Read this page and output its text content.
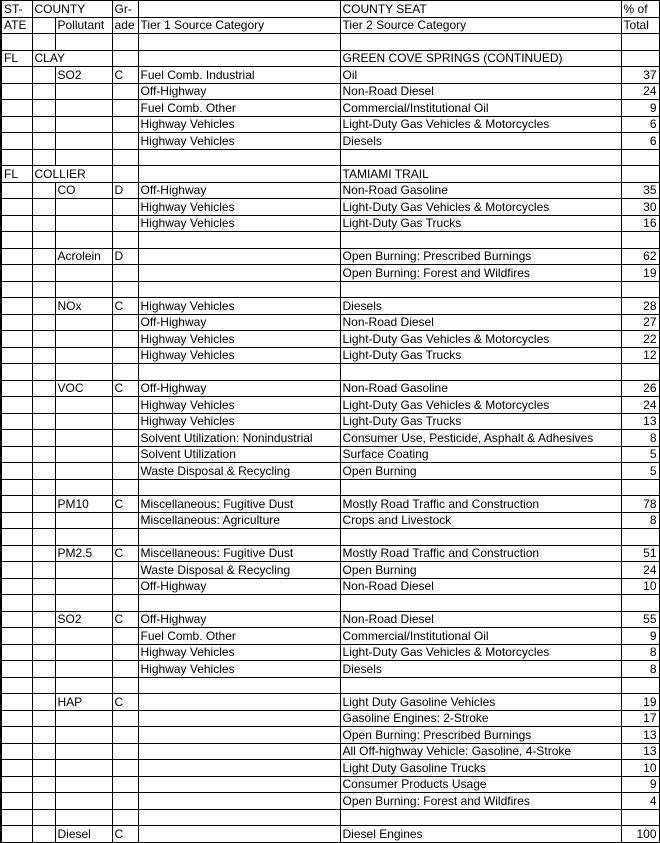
ST-	COUNTY		Gr-		COUNTY SEAT	% of
ATE		Pollutant	ade	Tier 1 Source Category	Tier 2 Source Category	Total

FL	CLAY				GREEN COVE SPRINGS (CONTINUED)	
		SO2	C	Fuel Comb. Industrial	Oil	37
				Off-Highway	Non-Road Diesel	24
				Fuel Comb. Other	Commercial/Institutional Oil	9
				Highway Vehicles	Light-Duty Gas Vehicles & Motorcycles	6
				Highway Vehicles	Diesels	6

FL	COLLIER				TAMIAMI TRAIL	
		CO	D	Off-Highway	Non-Road Gasoline	35
				Highway Vehicles	Light-Duty Gas Vehicles & Motorcycles	30
				Highway Vehicles	Light-Duty Gas Trucks	16

		Acrolein	D		Open Burning: Prescribed Burnings	62
					Open Burning: Forest and Wildfires	19

		NOx	C	Highway Vehicles	Diesels	28
				Off-Highway	Non-Road Diesel	27
				Highway Vehicles	Light-Duty Gas Vehicles & Motorcycles	22
				Highway Vehicles	Light-Duty Gas Trucks	12

		VOC	C	Off-Highway	Non-Road Gasoline	26
				Highway Vehicles	Light-Duty Gas Vehicles & Motorcycles	24
				Highway Vehicles	Light-Duty Gas Trucks	13
				Solvent Utilization: Nonindustrial	Consumer Use, Pesticide, Asphalt & Adhesives	8
				Solvent Utilization	Surface Coating	5
				Waste Disposal & Recycling	Open Burning	5

		PM10	C	Miscellaneous: Fugitive Dust	Mostly Road Traffic and Construction	78
				Miscellaneous: Agriculture	Crops and Livestock	8

		PM2.5	C	Miscellaneous: Fugitive Dust	Mostly Road Traffic and Construction	51
				Waste Disposal & Recycling	Open Burning	24
				Off-Highway	Non-Road Diesel	10

		SO2	C	Off-Highway	Non-Road Diesel	55
				Fuel Comb. Other	Commercial/Institutional Oil	9
				Highway Vehicles	Light-Duty Gas Vehicles & Motorcycles	8
				Highway Vehicles	Diesels	8

		HAP	C		Light Duty Gasoline Vehicles	19
					Gasoline Engines: 2-Stroke	17
					Open Burning: Prescribed Burnings	13
					All Off-highway Vehicle: Gasoline, 4-Stroke	13
					Light Duty Gasoline Trucks	10
					Consumer Products Usage	9
					Open Burning: Forest and Wildfires	4

		Diesel	C		Diesel Engines	100
